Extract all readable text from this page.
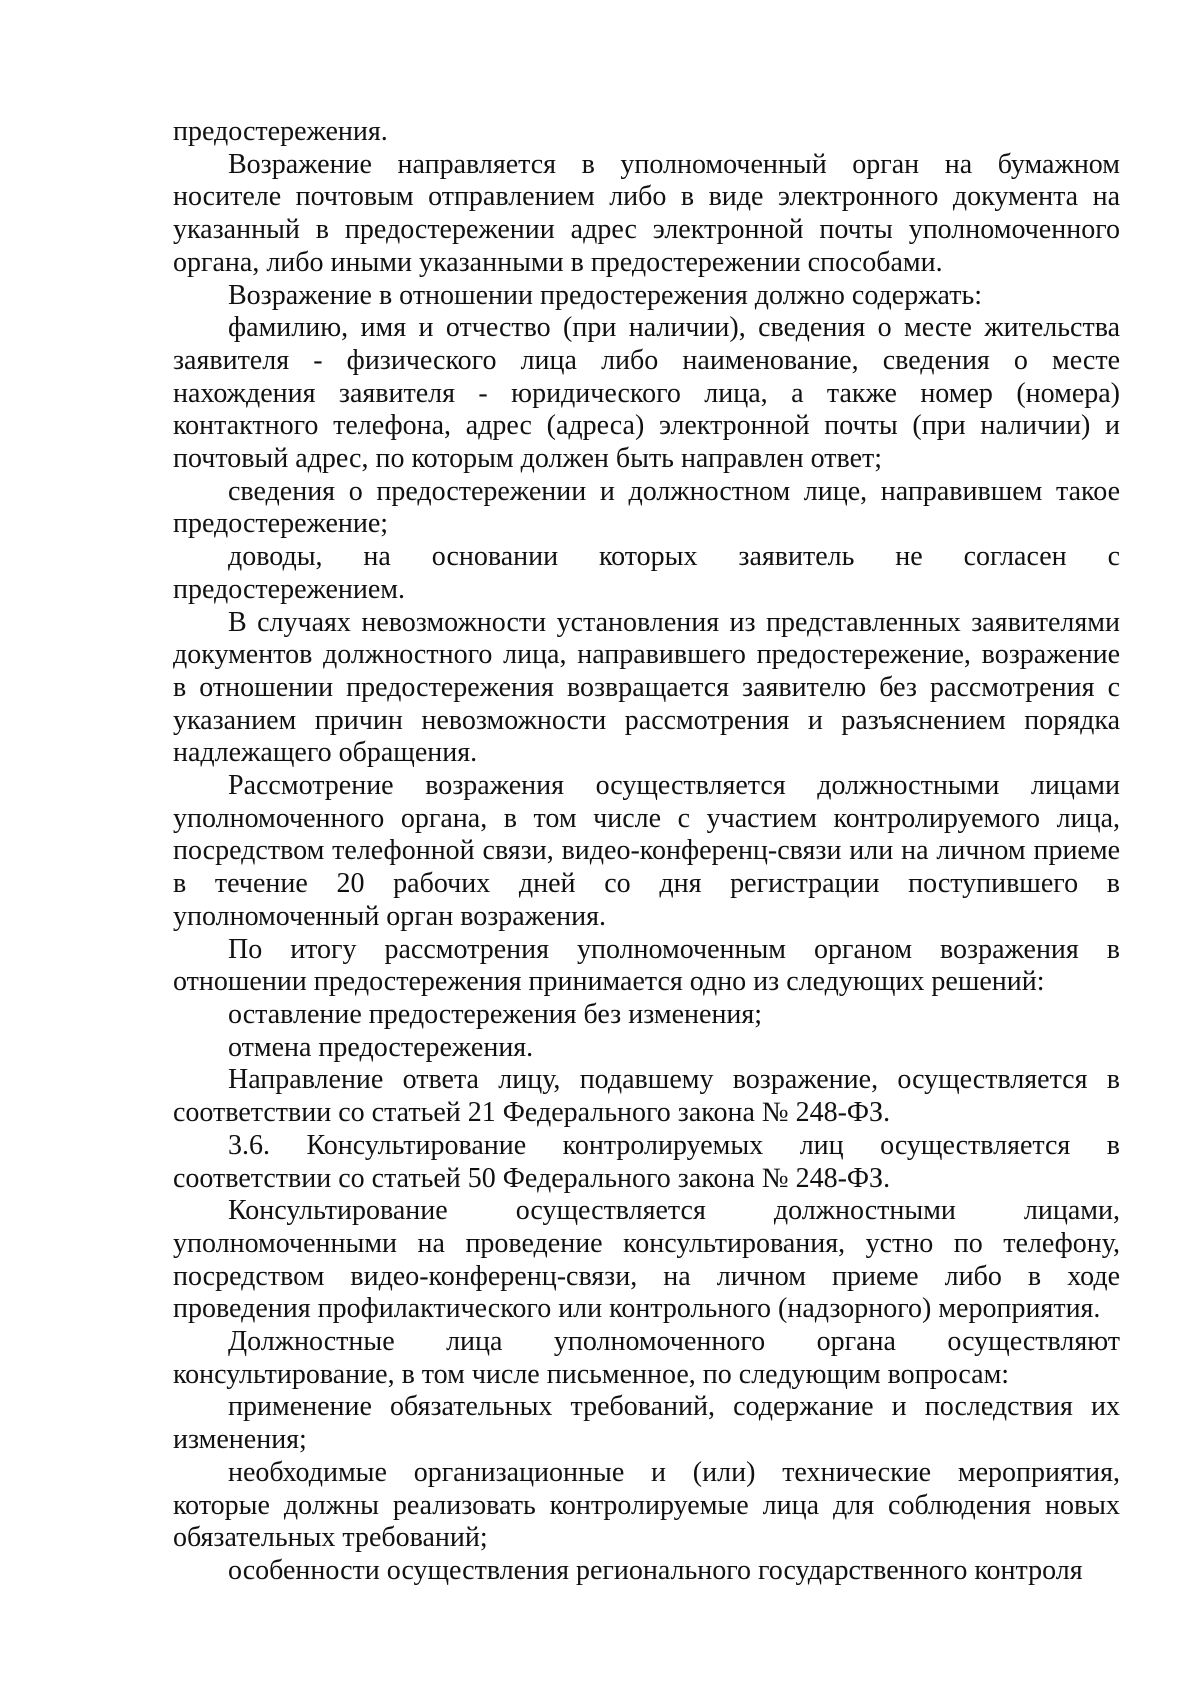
предостережения.

Возражение направляется в уполномоченный орган на бумажном носителе почтовым отправлением либо в виде электронного документа на указанный в предостережении адрес электронной почты уполномоченного органа, либо иными указанными в предостережении способами.

Возражение в отношении предостережения должно содержать:

фамилию, имя и отчество (при наличии), сведения о месте жительства заявителя - физического лица либо наименование, сведения о месте нахождения заявителя - юридического лица, а также номер (номера) контактного телефона, адрес (адреса) электронной почты (при наличии) и почтовый адрес, по которым должен быть направлен ответ;

сведения о предостережении и должностном лице, направившем такое предостережение;

доводы, на основании которых заявитель не согласен с предостережением.

В случаях невозможности установления из представленных заявителями документов должностного лица, направившего предостережение, возражение в отношении предостережения возвращается заявителю без рассмотрения с указанием причин невозможности рассмотрения и разъяснением порядка надлежащего обращения.

Рассмотрение возражения осуществляется должностными лицами уполномоченного органа, в том числе с участием контролируемого лица, посредством телефонной связи, видео-конференц-связи или на личном приеме в течение 20 рабочих дней со дня регистрации поступившего в уполномоченный орган возражения.

По итогу рассмотрения уполномоченным органом возражения в отношении предостережения принимается одно из следующих решений:

оставление предостережения без изменения;

отмена предостережения.

Направление ответа лицу, подавшему возражение, осуществляется в соответствии со статьей 21 Федерального закона № 248-ФЗ.

3.6. Консультирование контролируемых лиц осуществляется в соответствии со статьей 50 Федерального закона № 248-ФЗ.

Консультирование осуществляется должностными лицами, уполномоченными на проведение консультирования, устно по телефону, посредством видео-конференц-связи, на личном приеме либо в ходе проведения профилактического или контрольного (надзорного) мероприятия.

Должностные лица уполномоченного органа осуществляют консультирование, в том числе письменное, по следующим вопросам:

применение обязательных требований, содержание и последствия их изменения;

необходимые организационные и (или) технические мероприятия, которые должны реализовать контролируемые лица для соблюдения новых обязательных требований;

особенности осуществления регионального государственного контроля
